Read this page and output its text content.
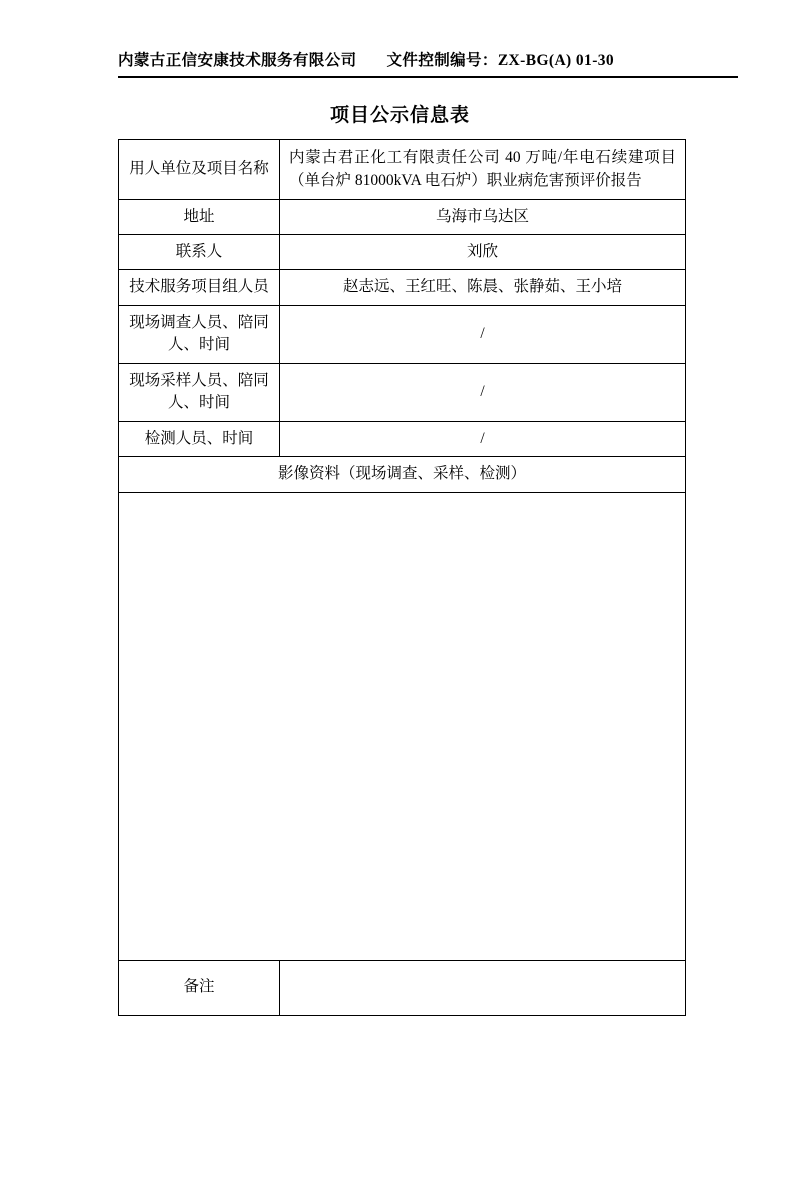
内蒙古正信安康技术服务有限公司 文件控制编号：ZX-BG(A) 01-30
项目公示信息表
用人单位及项目名称	内蒙古君正化工有限责任公司 40 万吨/年电石续建项目（单台炉 81000kVA 电石炉）职业病危害预评价报告
地址	乌海市乌达区
联系人	刘欣
技术服务项目组人员	赵志远、王红旺、陈晨、张静茹、王小培
现场调查人员、陪同人、时间	/
现场采样人员、陪同人、时间	/
检测人员、时间	/
影像资料（现场调查、采样、检测）	

备注	
